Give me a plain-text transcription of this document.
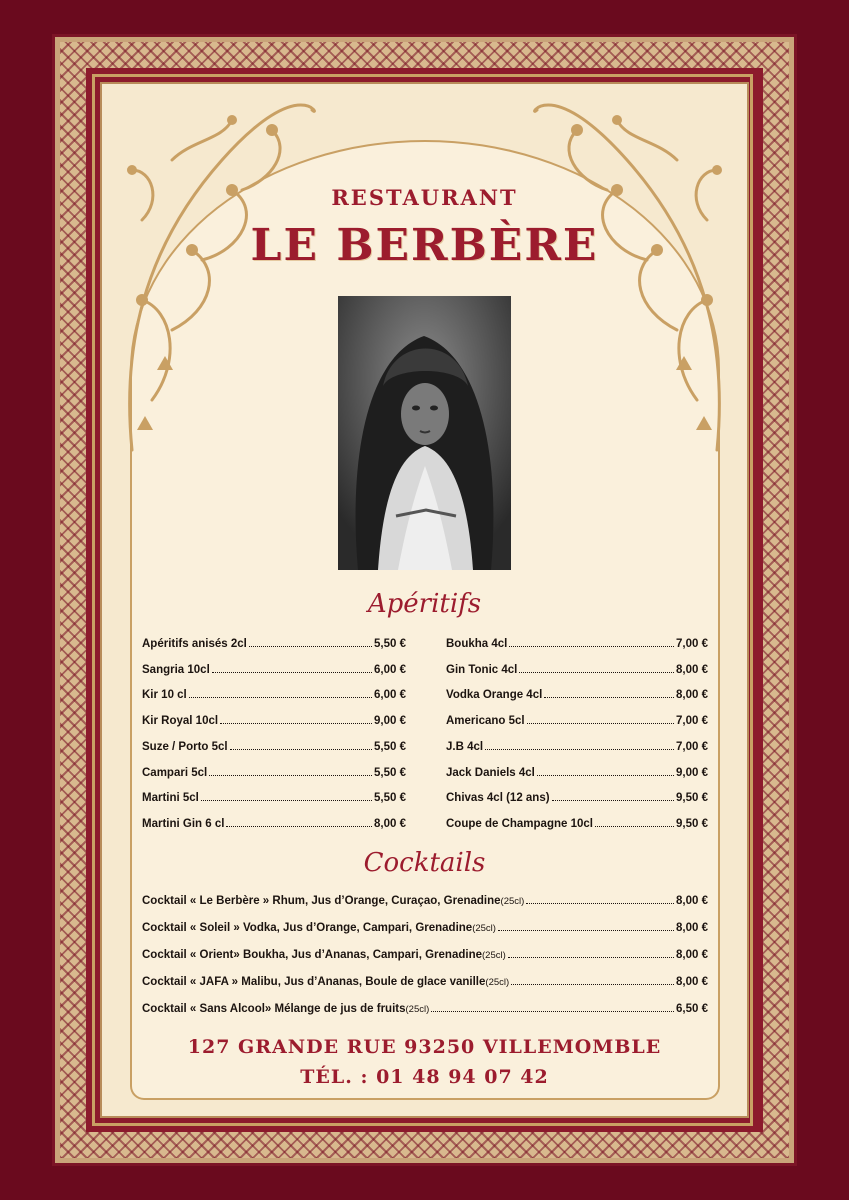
RESTAURANT
LE BERBÈRE
Apéritifs
Apéritifs anisés 2cl	5,50 €
Sangria 10cl	6,00 €
Kir 10 cl	6,00 €
Kir Royal 10cl	9,00 €
Suze / Porto 5cl	5,50 €
Campari 5cl	5,50 €
Martini 5cl	5,50 €
Martini Gin 6 cl	8,00 €
Boukha 4cl	7,00 €
Gin Tonic 4cl	8,00 €
Vodka Orange 4cl	8,00 €
Americano 5cl	7,00 €
J.B 4cl	7,00 €
Jack Daniels 4cl	9,00 €
Chivas 4cl (12 ans)	9,50 €
Coupe de Champagne 10cl	9,50 €
Cocktails
Cocktail « Le Berbère » Rhum, Jus d’Orange, Curaçao, Grenadine(25cl)	8,00 €
Cocktail « Soleil » Vodka, Jus d’Orange, Campari, Grenadine(25cl)	8,00 €
Cocktail « Orient» Boukha, Jus d’Ananas, Campari, Grenadine(25cl)	8,00 €
Cocktail « JAFA » Malibu, Jus d’Ananas, Boule de glace vanille(25cl)	8,00 €
Cocktail « Sans Alcool» Mélange de jus de fruits(25cl)	6,50 €
127 GRANDE RUE 93250 VILLEMOMBLE
TÉL. : 01 48 94 07 42
